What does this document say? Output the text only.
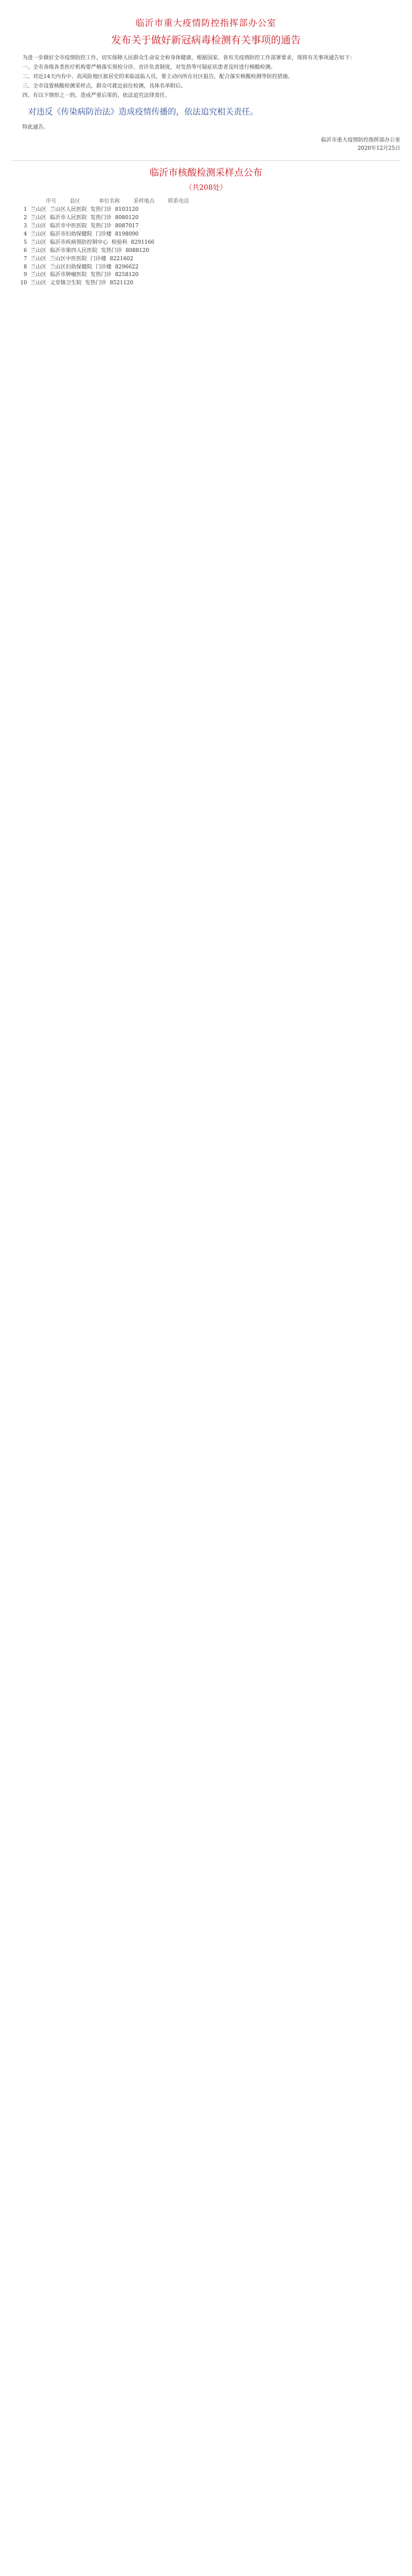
临沂市重大疫情防控指挥部办公室
发布关于做好新冠病毒检测有关事项的通告

为进一步做好全市疫情防控工作，切实保障人民群众生命安全和身体健康，根据国家、省有关疫情防控工作部署要求，现将有关事项通告如下：

一、全市各级各类医疗机构要严格落实预检分诊、首诊负责制度，对发热等可疑症状患者及时进行核酸检测。

二、对近14天内有中、高风险地区旅居史的来临返临人员，要主动向所在社区报告，配合落实核酸检测等防控措施。

三、全市设置核酸检测采样点，群众可就近前往检测，具体名单附后。

四、有以下情形之一的，造成严重后果的，依法追究法律责任。

对违反《传染病防治法》造成疫情传播的，依法追究相关责任。

特此通告。

临沂市重大疫情防控指挥部办公室
2020年12月25日
临沂市核酸检测采样点公布
（共208处）
序号        县区           单位名称        采样地点        联系电话
1 兰山区 兰山区人民医院 发热门诊 8103120
2 兰山区 临沂市人民医院 发热门诊 8080120
3 兰山区 临沂市中医医院 发热门诊 8087017
4 兰山区 临沂市妇幼保健院 门诊楼 8198090
5 兰山区 临沂市疾病预防控制中心 检验科 8291166
6 兰山区 临沂市第四人民医院 发热门诊 8088120
7 兰山区 兰山区中医医院 门诊楼 8221602
8 兰山区 兰山区妇幼保健院 门诊楼 8296622
9 兰山区 临沂市肿瘤医院 发热门诊 8258120
10 兰山区 义堂镇卫生院 发热门诊 8521120
